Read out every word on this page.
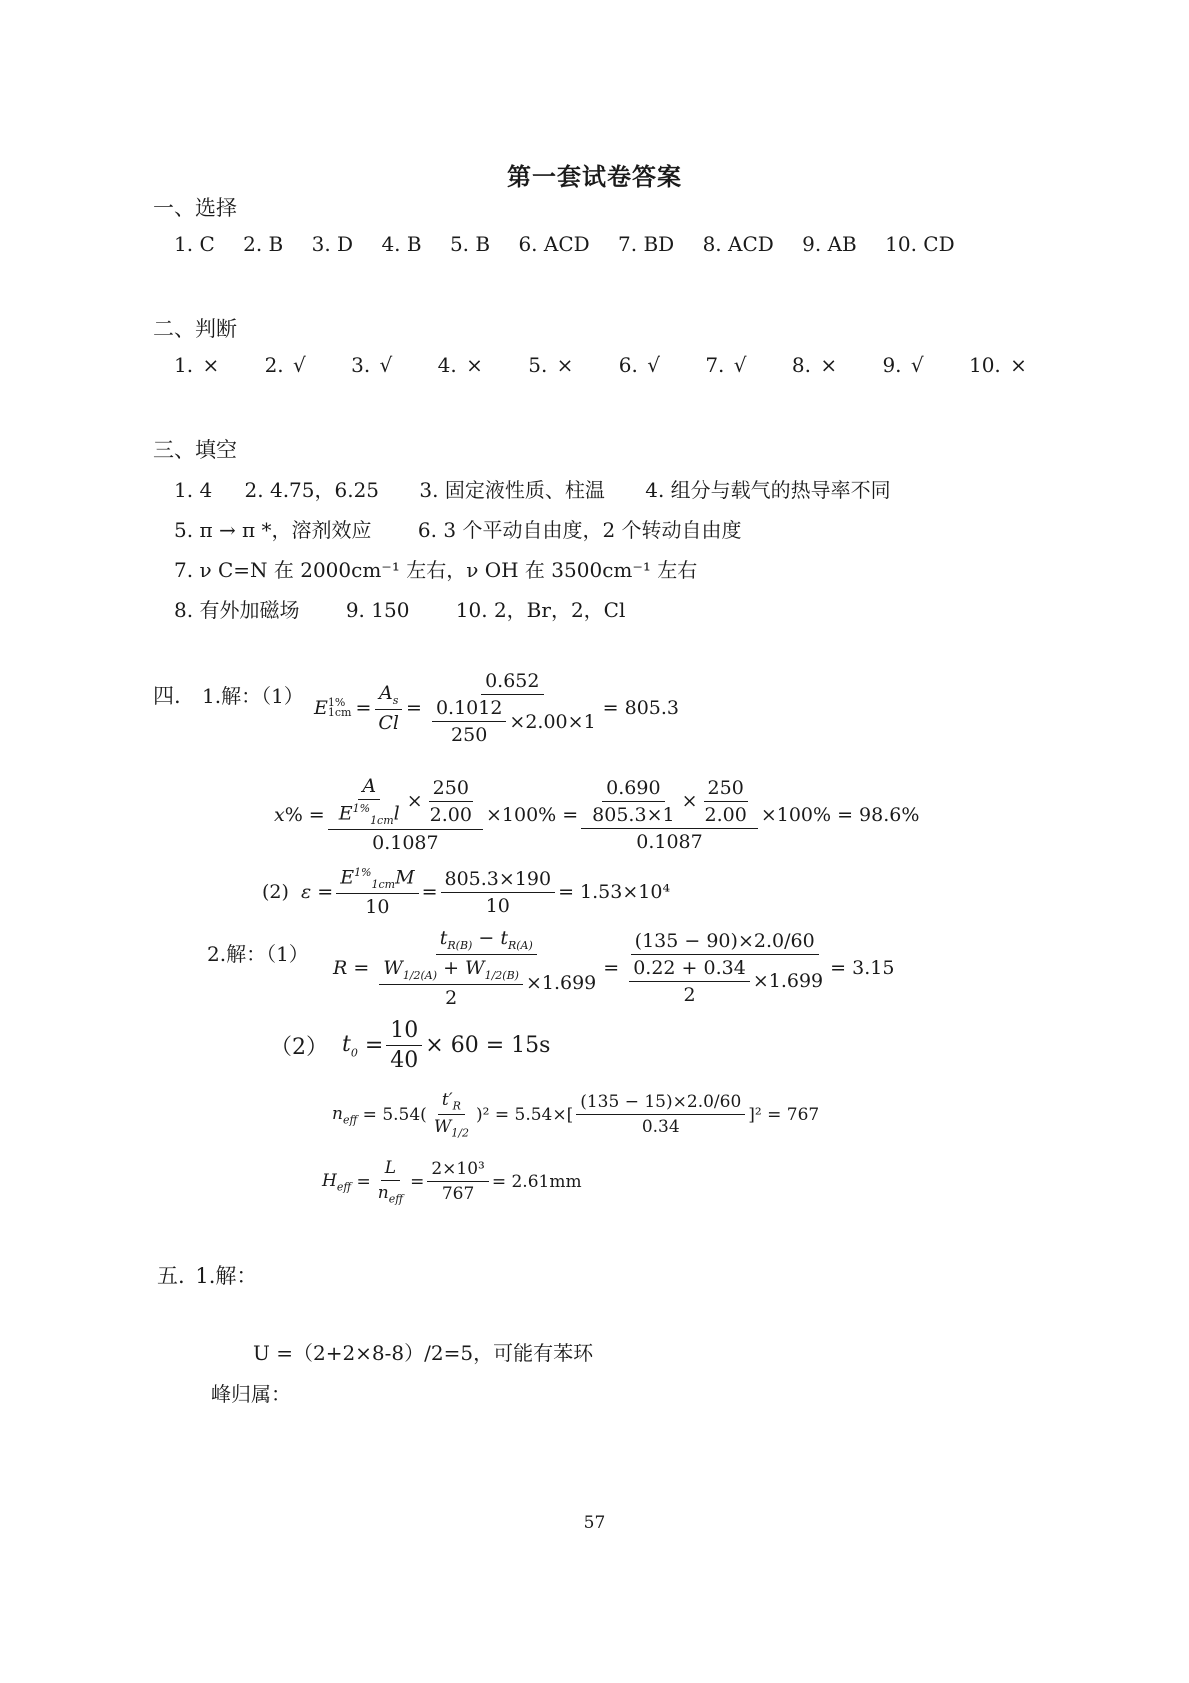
第一套试卷答案
一、选择
1. C 2. B 3. D 4. B 5. B 6. ACD 7. BD 8. ACD 9. AB 10. CD
二、判断
1. × 2. √ 3. √ 4. × 5. × 6. √ 7. √ 8. × 9. √ 10. ×
三、填空
1. 4 2. 4.75，6.25 3. 固定液性质、柱温 4. 组分与载气的热导率不同
5. π → π *，溶剂效应 6. 3 个平动自由度，2 个转动自由度
7. ν C=N 在 2000cm⁻¹ 左右，ν OH 在 3500cm⁻¹ 左右
8. 有外加磁场 9. 150 10. 2，Br，2，Cl
四. 1.解：（1） E 1%
$1cm = \frac{A_s}{Cl} = \frac{0.652}{\frac{0.1012}{250} \times 2.00\times 1} = 805.3$
x % = $\frac{\frac{A}{E^{1\%}_{1cm}l} \times \frac{250}{2.00}}{0.1087} \times 100\% = \frac{\frac{0.690}{805.3\times 1} \times \frac{250}{2.00}}{0.1087} \times 100\% = 98.6\%$
(2)
$\varepsilon = \frac{E^{1\%}_{1cm}M}{10} = \frac{805.3\times 190}{10} = 1.53\times 10^4$
2.解：（1）
$R = \frac{t_{R(B)} - t_{R(A)}}{\frac{W_{1/2(A)} + W_{1/2(B)}}{2} \times 1.699} = \frac{(135 - 90)\times 2.0/60}{\frac{0.22 + 0.34}{2} \times 1.699} = 3.15$
（2）
$t_0 = \frac{10}{40} \times 60 = 15s$
$n_{eff}$
= $5.54( \frac{t'_R}{W_{1/2}} )^2 = 5.54\times[ \frac{(135 - 15)\times 2.0/60}{0.34} ]^2 = 767$
$H_{eff} = \frac{L}{n_{eff}} = \frac{\text{2×10³}}{767} = 2.61mm$
五. 1.解：
U =（2+2×8-8）/2=5，可能有苯环
峰归属：
57
